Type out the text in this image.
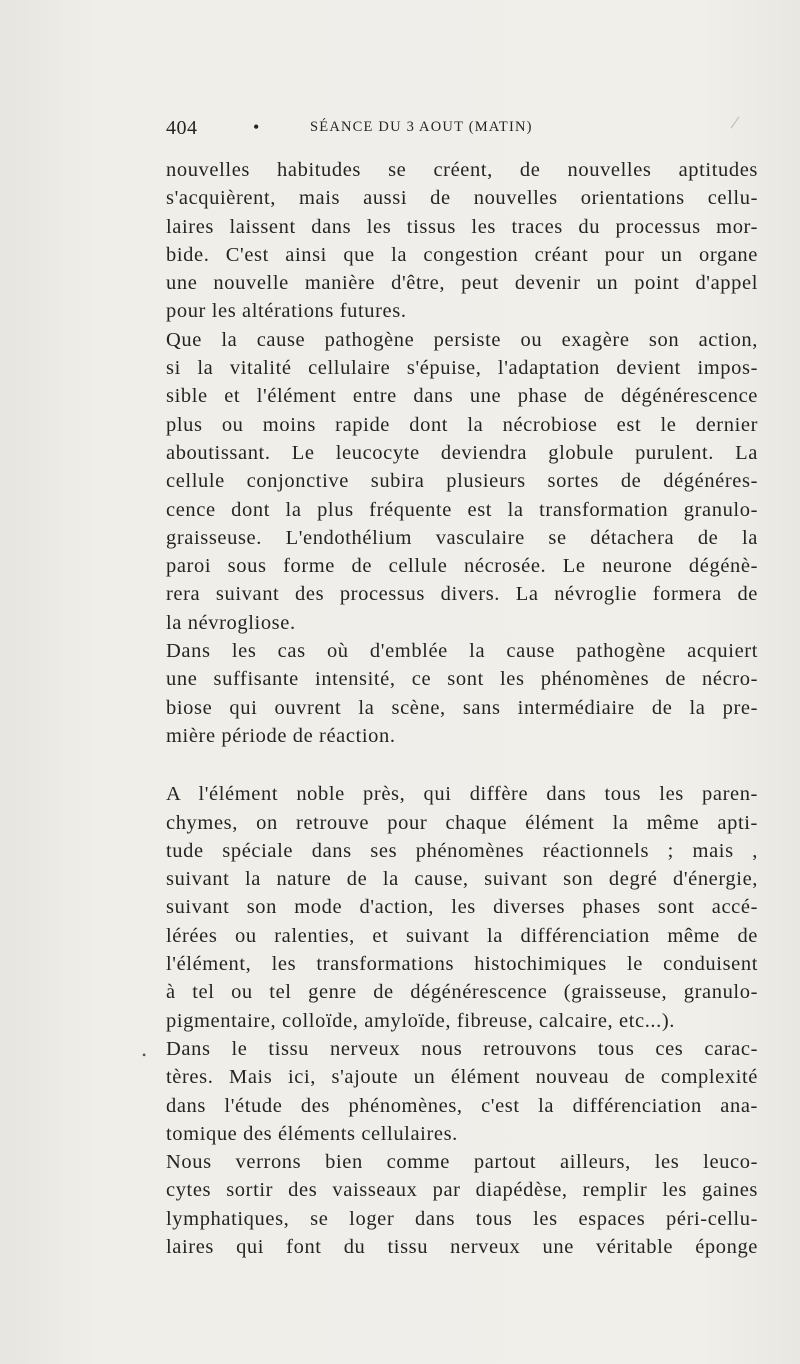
404	•	SÉANCE DU 3 AOUT (MATIN)
nouvelles habitudes se créent, de nouvelles aptitudes
s'acquièrent, mais aussi de nouvelles orientations cellu-
laires laissent dans les tissus les traces du processus mor-
bide. C'est ainsi que la congestion créant pour un organe
une nouvelle manière d'être, peut devenir un point d'appel
pour les altérations futures.
Que la cause pathogène persiste ou exagère son action,
si la vitalité cellulaire s'épuise, l'adaptation devient impos-
sible et l'élément entre dans une phase de dégénérescence
plus ou moins rapide dont la nécrobiose est le dernier
aboutissant. Le leucocyte deviendra globule purulent. La
cellule conjonctive subira plusieurs sortes de dégénéres-
cence dont la plus fréquente est la transformation granulo-
graisseuse. L'endothélium vasculaire se détachera de la
paroi sous forme de cellule nécrosée. Le neurone dégénè-
rera suivant des processus divers. La névroglie formera de
la névrogliose.
Dans les cas où d'emblée la cause pathogène acquiert
une suffisante intensité, ce sont les phénomènes de nécro-
biose qui ouvrent la scène, sans intermédiaire de la pre-
mière période de réaction.
A l'élément noble près, qui diffère dans tous les paren-
chymes, on retrouve pour chaque élément la même apti-
tude spéciale dans ses phénomènes réactionnels ; mais ,
suivant la nature de la cause, suivant son degré d'énergie,
suivant son mode d'action, les diverses phases sont accé-
lérées ou ralenties, et suivant la différenciation même de
l'élément, les transformations histochimiques le conduisent
à tel ou tel genre de dégénérescence (graisseuse, granulo-
pigmentaire, colloïde, amyloïde, fibreuse, calcaire, etc...).
Dans le tissu nerveux nous retrouvons tous ces carac-
tères. Mais ici, s'ajoute un élément nouveau de complexité
dans l'étude des phénomènes, c'est la différenciation ana-
tomique des éléments cellulaires.
Nous verrons bien comme partout ailleurs, les leuco-
cytes sortir des vaisseaux par diapédèse, remplir les gaines
lymphatiques, se loger dans tous les espaces péri-cellu-
laires qui font du tissu nerveux une véritable éponge
•
